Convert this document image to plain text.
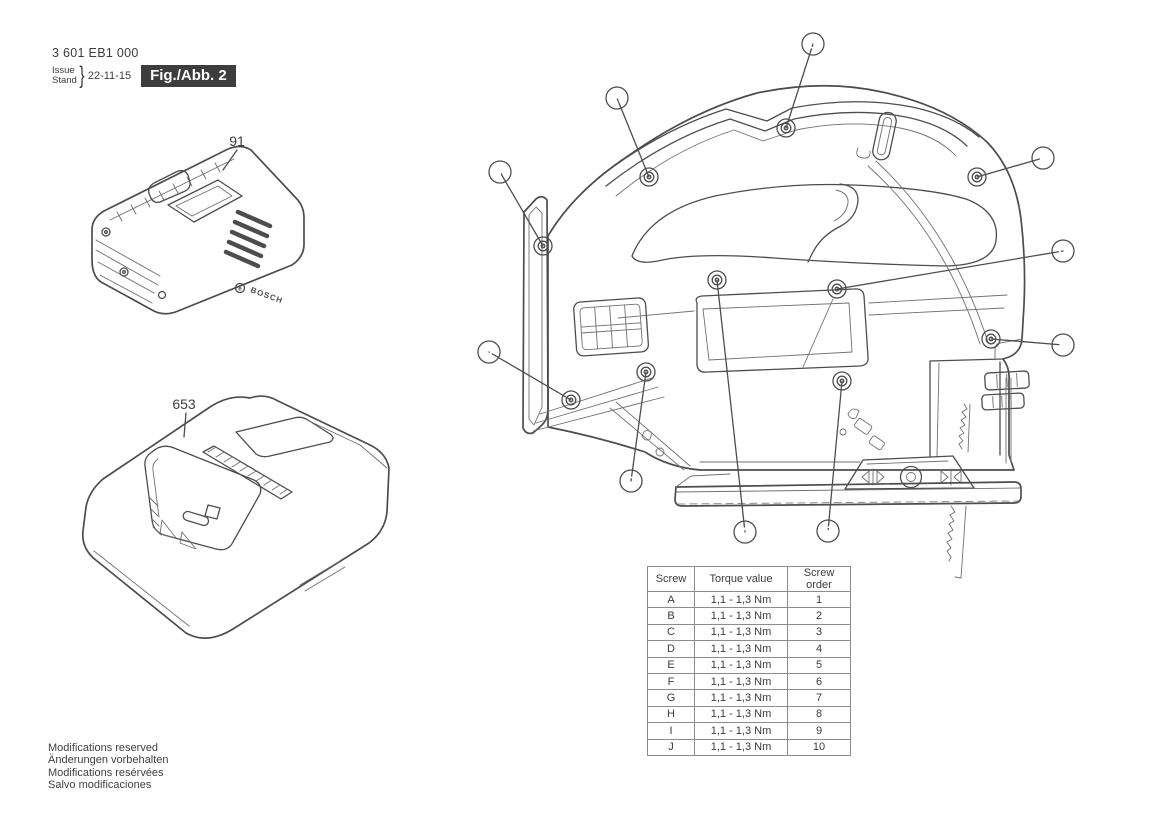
3 601 EB1 000
Issue
Stand } 22-11-15	Fig./Abb. 2
e BOSCH
91
653
A	B
C
D
E
F
G
H
I
J
Screw	Torque value	Screw order
A	1,1 - 1,3 Nm	1
B	1,1 - 1,3 Nm	2
C	1,1 - 1,3 Nm	3
D	1,1 - 1,3 Nm	4
E	1,1 - 1,3 Nm	5
F	1,1 - 1,3 Nm	6
G	1,1 - 1,3 Nm	7
H	1,1 - 1,3 Nm	8
I	1,1 - 1,3 Nm	9
J	1,1 - 1,3 Nm	10
Modifications reserved
Änderungen vorbehalten
Modifications resérvées
Salvo modificaciones
